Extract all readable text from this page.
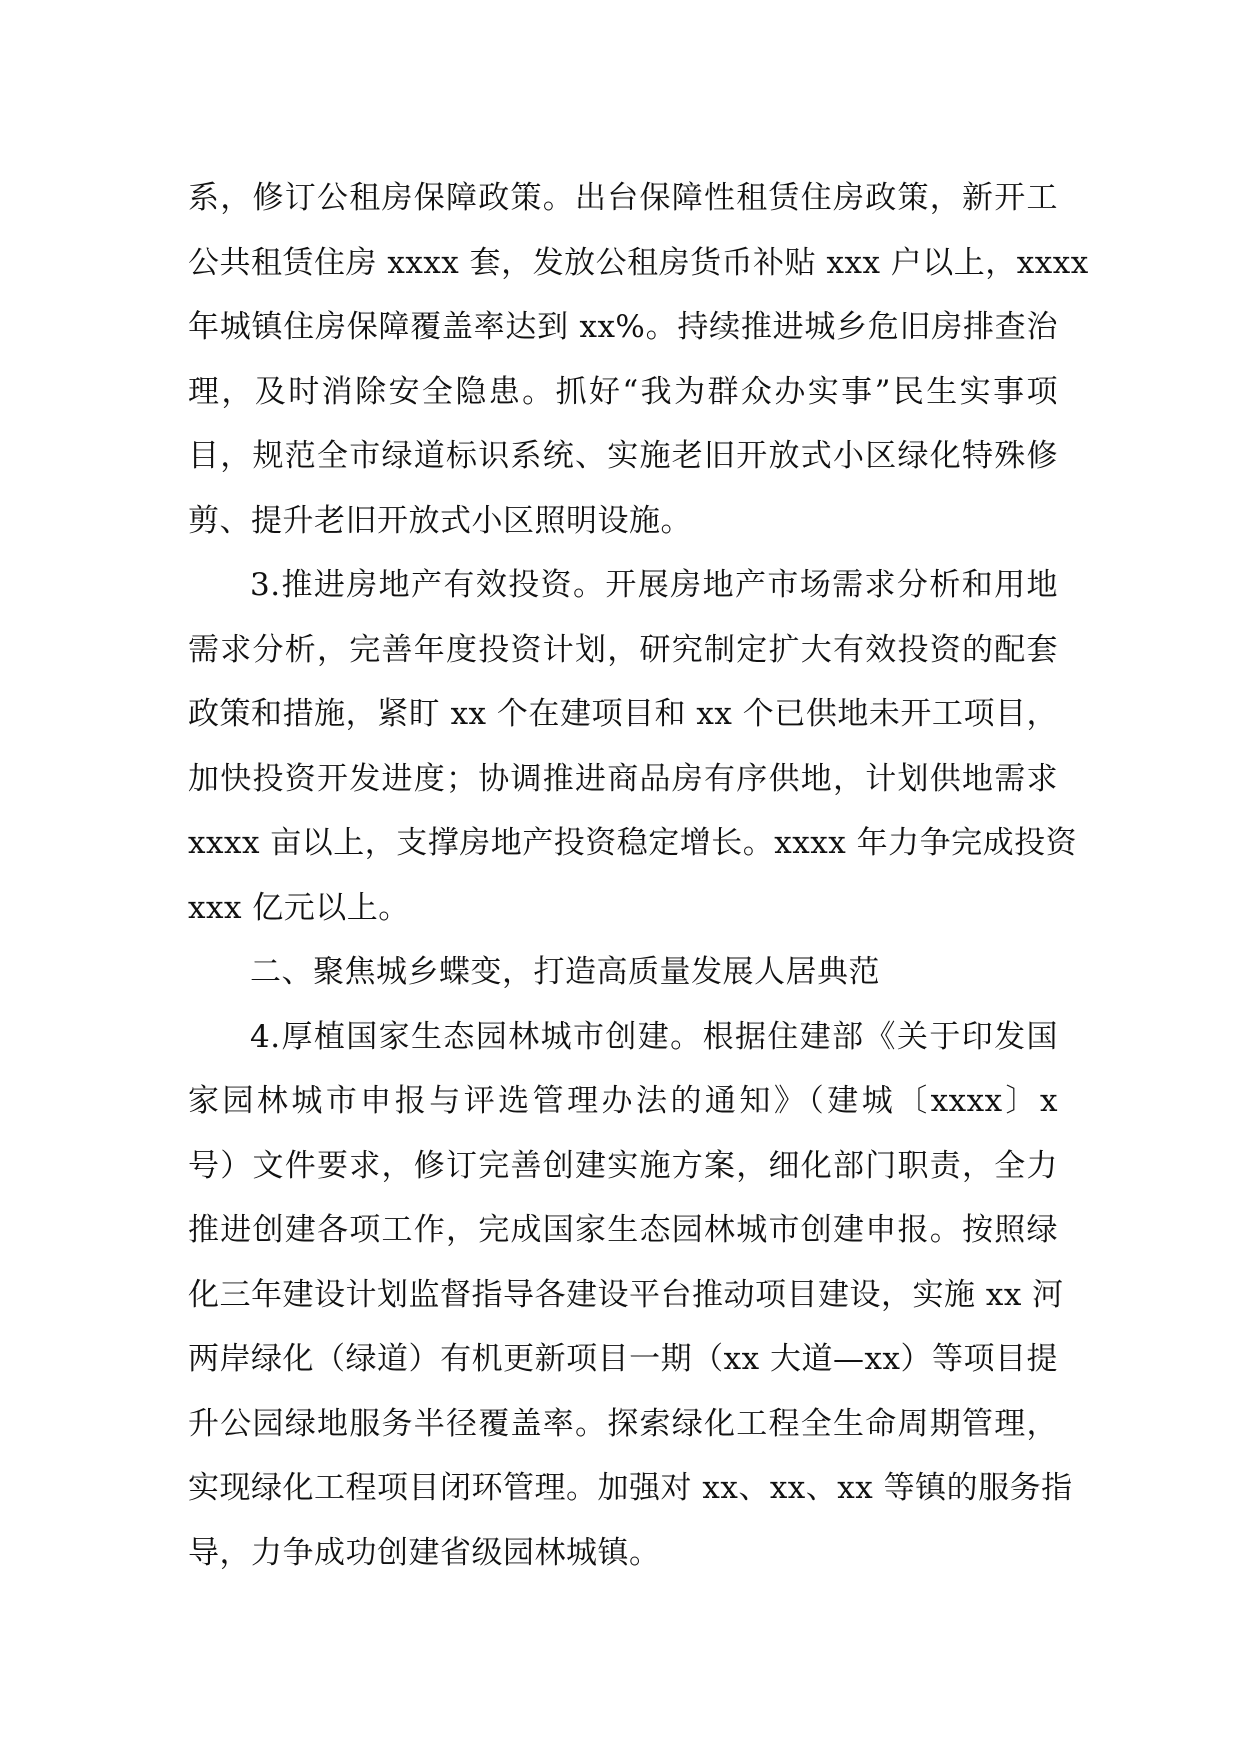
系，修订公租房保障政策。出台保障性租赁住房政策，新开工
公共租赁住房 xxxx 套，发放公租房货币补贴 xxx 户以上，xxxx
年城镇住房保障覆盖率达到 xx%。持续推进城乡危旧房排查治
理，及时消除安全隐患。抓好“我为群众办实事”民生实事项
目，规范全市绿道标识系统、实施老旧开放式小区绿化特殊修
剪、提升老旧开放式小区照明设施。
3.推进房地产有效投资。开展房地产市场需求分析和用地
需求分析，完善年度投资计划，研究制定扩大有效投资的配套
政策和措施，紧盯 xx 个在建项目和 xx 个已供地未开工项目，
加快投资开发进度；协调推进商品房有序供地，计划供地需求
xxxx 亩以上，支撑房地产投资稳定增长。xxxx 年力争完成投资
xxx 亿元以上。
二、聚焦城乡蝶变，打造高质量发展人居典范
4.厚植国家生态园林城市创建。根据住建部《关于印发国
家园林城市申报与评选管理办法的通知》（建城〔xxxx〕x
号）文件要求，修订完善创建实施方案，细化部门职责，全力
推进创建各项工作，完成国家生态园林城市创建申报。按照绿
化三年建设计划监督指导各建设平台推动项目建设，实施 xx 河
两岸绿化（绿道）有机更新项目一期（xx 大道—xx）等项目提
升公园绿地服务半径覆盖率。探索绿化工程全生命周期管理，
实现绿化工程项目闭环管理。加强对 xx、xx、xx 等镇的服务指
导，力争成功创建省级园林城镇。
